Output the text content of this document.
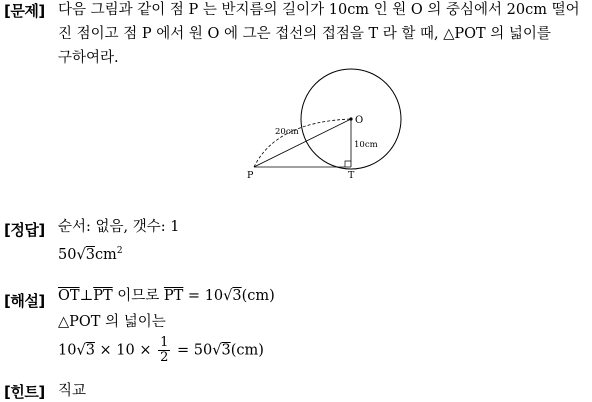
[문제] 다음 그림과 같이 점 P 는 반지름의 길이가 10cm 인 원 O 의 중심에서 20cm 떨어
진 점이고 점 P 에서 원 O 에 그은 접선의 접점을 T 라 할 때, △POT 의 넓이를
구하여라.
O
20cm
10cm
P	T
[정답] 순서: 없음, 갯수: 1
$50√3cm^2$
[해설] $\overline{OT}\perp\overline{PT}$ 이므로 $\overline{PT} = 10√3(cm)$
△POT 의 넓이는
$10√3 \times 10 \times \frac{1}{2} = 50√3(cm)$
[힌트] 직교
